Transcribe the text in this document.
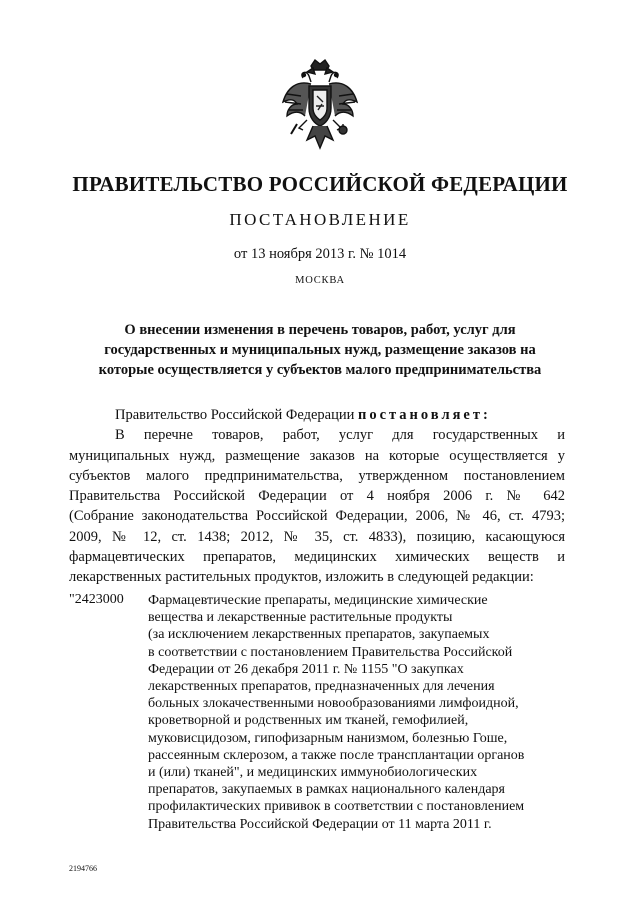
ПРАВИТЕЛЬСТВО РОССИЙСКОЙ ФЕДЕРАЦИИ
ПОСТАНОВЛЕНИЕ
от 13 ноября 2013 г. № 1014
МОСКВА
О внесении изменения в перечень товаров, работ, услуг для
государственных и муниципальных нужд, размещение заказов на
которые осуществляется у субъектов малого предпринимательства
Правительство Российской Федерации постановляет:
В перечне товаров, работ, услуг для государственных и
муниципальных нужд, размещение заказов на которые осуществляется у
субъектов малого предпринимательства, утвержденном постановлением
Правительства Российской Федерации от 4 ноября 2006 г. № 642
(Собрание законодательства Российской Федерации, 2006, № 46, ст. 4793;
2009, № 12, ст. 1438; 2012, № 35, ст. 4833), позицию, касающуюся
фармацевтических препаратов, медицинских химических веществ и
лекарственных растительных продуктов, изложить в следующей редакции:
"2423000 Фармацевтические препараты, медицинские химические
вещества и лекарственные растительные продукты
(за исключением лекарственных препаратов, закупаемых
в соответствии с постановлением Правительства Российской
Федерации от 26 декабря 2011 г. № 1155 "О закупках
лекарственных препаратов, предназначенных для лечения
больных злокачественными новообразованиями лимфоидной,
кроветворной и родственных им тканей, гемофилией,
муковисцидозом, гипофизарным нанизмом, болезнью Гоше,
рассеянным склерозом, а также после трансплантации органов
и (или) тканей", и медицинских иммунобиологических
препаратов, закупаемых в рамках национального календаря
профилактических прививок в соответствии с постановлением
Правительства Российской Федерации от 11 марта 2011 г.
2194766
